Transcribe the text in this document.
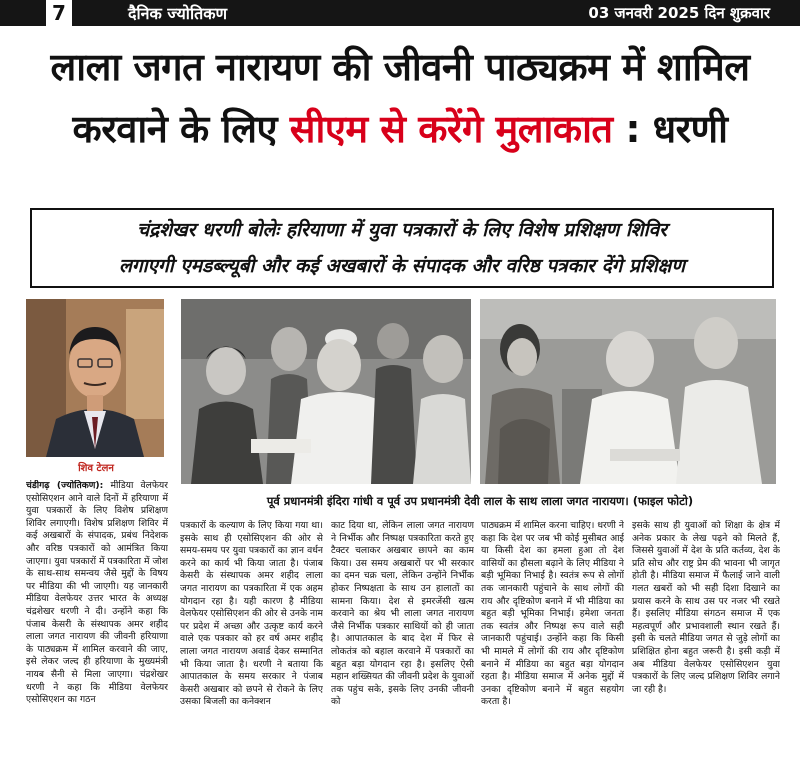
7	दैनिक ज्योतिकण	03 जनवरी 2025 दिन शुक्रवार
लाला जगत नारायण की जीवनी पाठ्यक्रम में शामिल
करवाने के लिए सीएम से करेंगे मुलाकात : धरणी
चंद्रशेखर धरणी बोलेः हरियाणा में युवा पत्रकारों के लिए विशेष प्रशिक्षण शिविर
लगाएगी एमडब्ल्यूबी और कई अखबारों के संपादक और वरिष्ठ पत्रकार देंगे प्रशिक्षण
पूर्व प्रधानमंत्री इंदिरा गांधी व पूर्व उप प्रधानमंत्री देवी लाल के साथ लाला जगत नारायण। (फाइल फोटो)
शिव टेलन

चंडीगढ़ (ज्योतिकण): मीडिया वेलफेयर एसोसिएशन आने वाले दिनों में हरियाणा में युवा पत्रकारों के लिए विशेष प्रशिक्षण शिविर लगाएगी। विशेष प्रशिक्षण शिविर में कई अखबारों के संपादक, प्रबंध निदेशक और वरिष्ठ पत्रकारों को आमंत्रित किया जाएगा। युवा पत्रकारों में पत्रकारिता में जोश के साथ-साथ समन्वय जैसे मुद्दों के विषय पर मीडिया की भी जाएगी। यह जानकारी मीडिया वेलफेयर उत्तर भारत के अध्यक्ष चंद्रशेखर धरणी ने दी। उन्होंने कहा कि पंजाब केसरी के संस्थापक अमर शहीद लाला जगत नारायण की जीवनी हरियाणा के पाठ्यक्रम में शामिल करवाने की जाए, इसे लेकर जल्द ही हरियाणा के मुख्यमंत्री नायब सैनी से मिला जाएगा। चंद्रशेखर धरणी ने कहा कि मीडिया वेलफेयर एसोसिएशन का गठन

पत्रकारों के कल्याण के लिए किया गया था। इसके साथ ही एसोसिएशन की ओर से समय-समय पर युवा पत्रकारों का ज्ञान वर्धन करने का कार्य भी किया जाता है। पंजाब केसरी के संस्थापक अमर शहीद लाला जगत नारायण का पत्रकारिता में एक अहम योगदान रहा है। यही कारण है मीडिया वेलफेयर एसोसिएशन की ओर से उनके नाम पर प्रदेश में अच्छा और उत्कृष्ट कार्य करने वाले एक पत्रकार को हर वर्ष अमर शहीद लाला जगत नारायण अवार्ड देकर सम्मानित भी किया जाता है। धरणी ने बताया कि आपातकाल के समय सरकार ने पंजाब केसरी अखबार को छपने से रोकने के लिए उसका बिजली का कनेक्शन

काट दिया था, लेकिन लाला जगत नारायण ने निर्भीक और निष्पक्ष पत्रकारिता करते हुए टैक्टर चलाकर अखबार छापने का काम किया। उस समय अखबारों पर भी सरकार का दमन चक्र चला, लेकिन उन्होंने निर्भीक होकर निष्पक्षता के साथ उन हालातों का सामना किया। देश से इमरजेंसी खत्म करवाने का श्रेय भी लाला जगत नारायण जैसे निर्भीक पत्रकार साथियों को ही जाता है। आपातकाल के बाद देश में फिर से लोकतंत्र को बहाल करवाने में पत्रकारों का बहुत बड़ा योगदान रहा है। इसलिए ऐसी महान शख्सियत की जीवनी प्रदेश के युवाओं तक पहुंच सके, इसके लिए उनकी जीवनी को

पाठ्यक्रम में शामिल करना चाहिए। धरणी ने कहा कि देश पर जब भी कोई मुसीबत आई या किसी देश का हमला हुआ तो देश वासियों का हौसला बढ़ाने के लिए मीडिया ने बड़ी भूमिका निभाई है। स्वतंत्र रूप से लोगों तक जानकारी पहुंचाने के साथ लोगों की राय और दृष्टिकोण बनाने में भी मीडिया का बहुत बड़ी भूमिका निभाई। हमेशा जनता तक स्वतंत्र और निष्पक्ष रूप वाले सही जानकारी पहुंचाई। उन्होंने कहा कि किसी भी मामले में लोगों की राय और दृष्टिकोण बनाने में मीडिया का बहुत बड़ा योगदान रहता है। मीडिया समाज में अनेक मुद्दों में उनका दृष्टिकोण बनाने में बहुत सहयोग करता है।

इसके साथ ही युवाओं को शिक्षा के क्षेत्र में अनेक प्रकार के लेख पढ़ने को मिलते हैं, जिससे युवाओं में देश के प्रति कर्तव्य, देश के प्रति सोच और राष्ट्र प्रेम की भावना भी जागृत होती है। मीडिया समाज में फैलाई जाने वाली गलत खबरों को भी सही दिशा दिखाने का प्रयास करने के साथ उस पर नजर भी रखते हैं। इसलिए मीडिया संगठन समाज में एक महत्वपूर्ण और प्रभावशाली स्थान रखते हैं। इसी के चलते मीडिया जगत से जुड़े लोगों का प्रशिक्षित होना बहुत जरूरी है। इसी कड़ी में अब मीडिया वेलफेयर एसोसिएशन युवा पत्रकारों के लिए जल्द प्रशिक्षण शिविर लगाने जा रही है।
